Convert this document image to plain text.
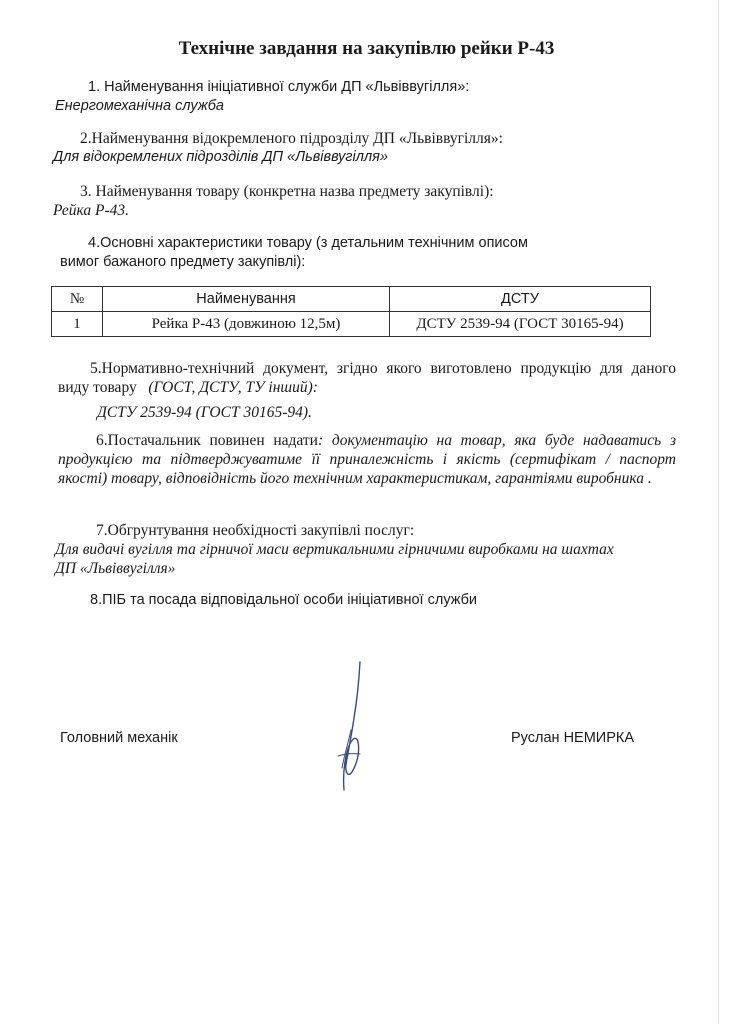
Технічне завдання на закупівлю рейки Р-43
1. Найменування ініціативної служби ДП «Львіввугілля»:
Енергомеханічна служба
2.Найменування відокремленого підрозділу ДП «Львіввугілля»:
Для відокремлених підрозділів ДП «Львіввугілля»
3. Найменування товару (конкретна назва предмету закупівлі):
Рейка Р-43.
4.Основні характеристики товару (з детальним технічним описом
вимог бажаного предмету закупівлі):
№	Найменування	ДСТУ
1	Рейка Р-43 (довжиною 12,5м)	ДСТУ 2539-94 (ГОСТ 30165-94)
5.Нормативно-технічний документ, згідно якого виготовлено продукцію для даного виду товару (ГОСТ, ДСТУ, ТУ інший):
ДСТУ 2539-94 (ГОСТ 30165-94).
6.Постачальник повинен надати: документацію на товар, яка буде надаватись з продукцією та підтверджуватиме її приналежність і якість (сертифікат / паспорт якості) товару, відповідність його технічним характеристикам, гарантіями виробника .
7.Обгрунтування необхідності закупівлі послуг:
Для видачі вугілля та гірничої маси вертикальними гірничими виробками на шахтах
ДП «Львіввугілля»
8.ПІБ та посада відповідальної особи ініціативної служби
Головний механік	Руслан НЕМИРКА
